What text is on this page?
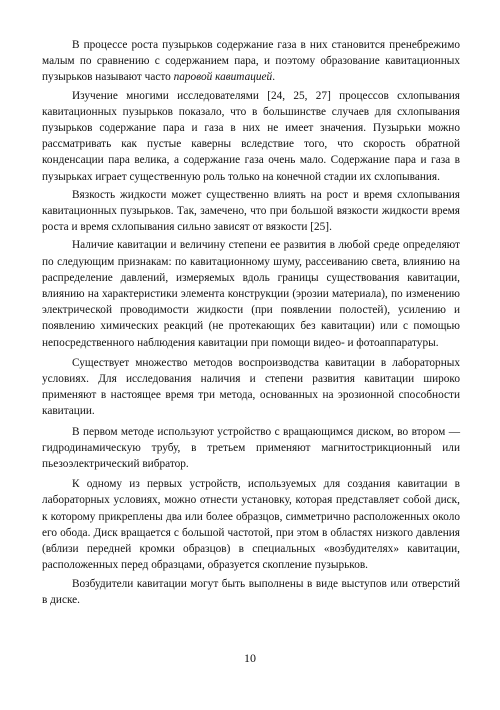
В процессе роста пузырьков содержание газа в них становится пренебрежимо малым по сравнению с содержанием пара, и поэтому образование кавитационных пузырьков называют часто паровой кавитацией.

Изучение многими исследователями [24, 25, 27] процессов схлопывания кавитационных пузырьков показало, что в большинстве случаев для схлопывания пузырьков содержание пара и газа в них не имеет значения. Пузырьки можно рассматривать как пустые каверны вследствие того, что скорость обратной конденсации пара велика, а содержание газа очень мало. Содержание пара и газа в пузырьках играет существенную роль только на конечной стадии их схлопывания.

Вязкость жидкости может существенно влиять на рост и время схлопывания кавитационных пузырьков. Так, замечено, что при большой вязкости жидкости время роста и время схлопывания сильно зависят от вязкости [25].

Наличие кавитации и величину степени ее развития в любой среде определяют по следующим признакам: по кавитационному шуму, рассеиванию света, влиянию на распределение давлений, измеряемых вдоль границы существования кавитации, влиянию на характеристики элемента конструкции (эрозии материала), по изменению электрической проводимости жидкости (при появлении полостей), усилению и появлению химических реакций (не протекающих без кавитации) или с помощью непосредственного наблюдения кавитации при помощи видео- и фотоаппаратуры.

Существует множество методов воспроизводства кавитации в лабораторных условиях. Для исследования наличия и степени развития кавитации широко применяют в настоящее время три метода, основанных на эрозионной способности кавитации.

В первом методе используют устройство с вращающимся диском, во втором — гидродинамическую трубу, в третьем применяют магнитострикционный или пьезоэлектрический вибратор.

К одному из первых устройств, используемых для создания кавитации в лабораторных условиях, можно отнести установку, которая представляет собой диск, к которому прикреплены два или более образцов, симметрично расположенных около его обода. Диск вращается с большой частотой, при этом в областях низкого давления (вблизи передней кромки образцов) в специальных «возбудителях» кавитации, расположенных перед образцами, образуется скопление пузырьков.

Возбудители кавитации могут быть выполнены в виде выступов или отверстий в диске.

10
